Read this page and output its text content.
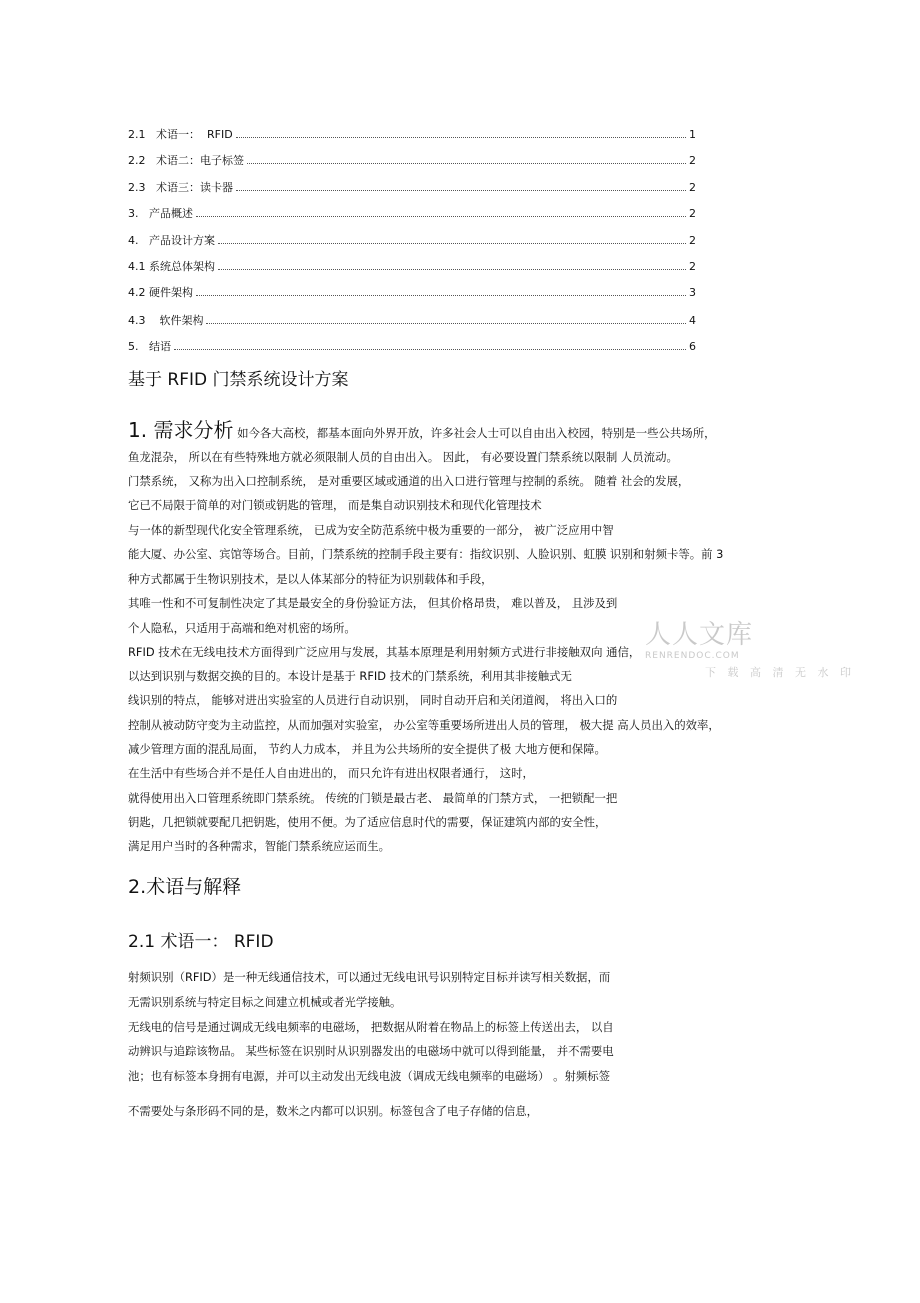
2.1   术语一：  RFID	1
2.2   术语二：电子标签	2
2.3   术语三：读卡器	2
3.   产品概述	2
4.   产品设计方案	2
4.1 系统总体架构	2
4.2 硬件架构	3
4.3    软件架构	4
5.   结语	6
基于 RFID 门禁系统设计方案
1. 需求分析 如今各大高校，都基本面向外界开放，许多社会人士可以自由出入校园，特别是一些公共场所，
鱼龙混杂， 所以在有些特殊地方就必须限制人员的自由出入。 因此， 有必要设置门禁系统以限制 人员流动。
门禁系统， 又称为出入口控制系统， 是对重要区域或通道的出入口进行管理与控制的系统。 随着 社会的发展，
它已不局限于简单的对门锁或钥匙的管理， 而是集自动识别技术和现代化管理技术
与一体的新型现代化安全管理系统， 已成为安全防范系统中极为重要的一部分， 被广泛应用中智
能大厦、办公室、宾馆等场合。目前，门禁系统的控制手段主要有：指纹识别、人脸识别、虹膜 识别和射频卡等。前 3
种方式都属于生物识别技术，是以人体某部分的特征为识别载体和手段，
其唯一性和不可复制性决定了其是最安全的身份验证方法， 但其价格昂贵， 难以普及， 且涉及到
个人隐私，只适用于高端和绝对机密的场所。
RFID 技术在无线电技术方面得到广泛应用与发展，其基本原理是利用射频方式进行非接触双向 通信，
以达到识别与数据交换的目的。本设计是基于 RFID 技术的门禁系统，利用其非接触式无
线识别的特点， 能够对进出实验室的人员进行自动识别， 同时自动开启和关闭道阀， 将出入口的
控制从被动防守变为主动监控，从而加强对实验室， 办公室等重要场所进出人员的管理， 极大提 高人员出入的效率，
减少管理方面的混乱局面， 节约人力成本， 并且为公共场所的安全提供了极 大地方便和保障。
在生活中有些场合并不是任人自由进出的， 而只允许有进出权限者通行， 这时，
就得使用出入口管理系统即门禁系统。 传统的门锁是最古老、 最简单的门禁方式， 一把锁配一把
钥匙，几把锁就要配几把钥匙，使用不便。为了适应信息时代的需要，保证建筑内部的安全性，
满足用户当时的各种需求，智能门禁系统应运而生。
2.术语与解释
2.1 术语一： RFID
射频识别（RFID）是一种无线通信技术，可以通过无线电讯号识别特定目标并读写相关数据，而
无需识别系统与特定目标之间建立机械或者光学接触。
无线电的信号是通过调成无线电频率的电磁场， 把数据从附着在物品上的标签上传送出去， 以自
动辨识与追踪该物品。 某些标签在识别时从识别器发出的电磁场中就可以得到能量， 并不需要电
池；也有标签本身拥有电源，并可以主动发出无线电波（调成无线电频率的电磁场） 。射频标签
不需要处与条形码不同的是，数米之内都可以识别。标签包含了电子存储的信息，
人人文库
RENRENDOC.COM
下 载 高 清 无 水 印
